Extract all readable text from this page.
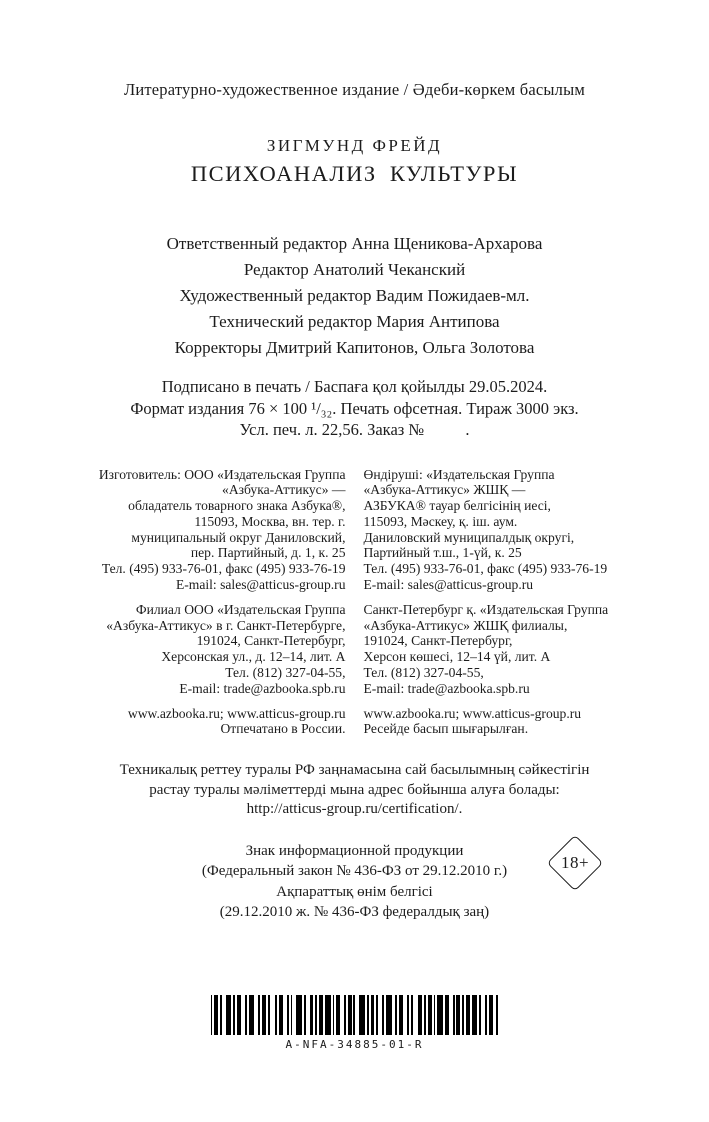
Литературно-художественное издание / Әдеби-көркем басылым
ЗИГМУНД ФРЕЙД
ПСИХОАНАЛИЗ КУЛЬТУРЫ
Ответственный редактор Анна Щеникова-Архарова
Редактор Анатолий Чеканский
Художественный редактор Вадим Пожидаев-мл.
Технический редактор Мария Антипова
Корректоры Дмитрий Капитонов, Ольга Золотова
Подписано в печать / Баспаға қол қойылды 29.05.2024.
Формат издания 76 × 100 ¹/₃₂. Печать офсетная. Тираж 3000 экз.
Усл. печ. л. 22,56. Заказ №          .
Изготовитель: ООО «Издательская Группа
«Азбука-Аттикус» —
обладатель товарного знака Азбука®,
115093, Москва, вн. тер. г.
муниципальный округ Даниловский,
пер. Партийный, д. 1, к. 25
Тел. (495) 933-76-01, факс (495) 933-76-19
E-mail: sales@atticus-group.ru
Филиал ООО «Издательская Группа
«Азбука-Аттикус» в г. Санкт-Петербурге,
191024, Санкт-Петербург,
Херсонская ул., д. 12–14, лит. А
Тел. (812) 327-04-55,
E-mail: trade@azbooka.spb.ru
www.azbooka.ru; www.atticus-group.ru
Отпечатано в России.
Өндіруші: «Издательская Группа
«Азбука-Аттикус» ЖШҚ —
АЗБУКА® тауар белгісінің иесі,
115093, Мәскеу, қ. іш. аум.
Даниловский муниципалдық округі,
Партийный т.ш., 1-үй, к. 25
Тел. (495) 933-76-01, факс (495) 933-76-19
E-mail: sales@atticus-group.ru
Санкт-Петербург қ. «Издательская Группа
«Азбука-Аттикус» ЖШҚ филиалы,
191024, Санкт-Петербург,
Херсон көшесі, 12–14 үй, лит. А
Тел. (812) 327-04-55,
E-mail: trade@azbooka.spb.ru
www.azbooka.ru; www.atticus-group.ru
Ресейде басып шығарылған.
Техникалық реттеу туралы РФ заңнамасына сай басылымның сәйкестігін
растау туралы мәліметтерді мына адрес бойынша алуға болады:
http://atticus-group.ru/certification/.
Знак информационной продукции
(Федеральный закон № 436-ФЗ от 29.12.2010 г.)
Ақпараттық өнім белгісі
(29.12.2010 ж. № 436-ФЗ федералдық заң)
18+
A-NFA-34885-01-R
